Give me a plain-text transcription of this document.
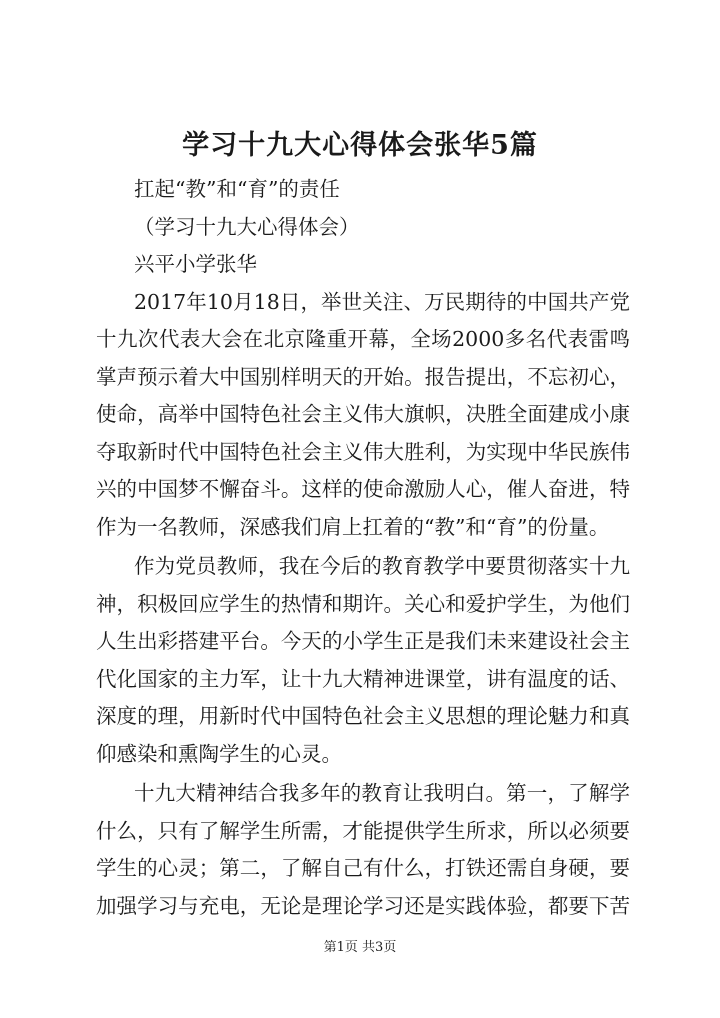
学习十九大心得体会张华5篇
扛起“教”和“育”的责任
（学习十九大心得体会）
兴平小学张华
2017年10月18日，举世关注、万民期待的中国共产党
十九次代表大会在北京隆重开幕，全场2000多名代表雷鸣
掌声预示着大中国别样明天的开始。报告提出，不忘初心，
使命，高举中国特色社会主义伟大旗帜，决胜全面建成小康
夺取新时代中国特色社会主义伟大胜利，为实现中华民族伟
兴的中国梦不懈奋斗。这样的使命激励人心，催人奋进，特
作为一名教师，深感我们肩上扛着的“教”和“育”的份量。
作为党员教师，我在今后的教育教学中要贯彻落实十九
神，积极回应学生的热情和期许。关心和爱护学生，为他们
人生出彩搭建平台。今天的小学生正是我们未来建设社会主
代化国家的主力军，让十九大精神进课堂，讲有温度的话、
深度的理，用新时代中国特色社会主义思想的理论魅力和真
仰感染和熏陶学生的心灵。
十九大精神结合我多年的教育让我明白。第一，了解学
什么，只有了解学生所需，才能提供学生所求，所以必须要
学生的心灵；第二，了解自己有什么，打铁还需自身硬，要
加强学习与充电，无论是理论学习还是实践体验，都要下苦
第1页 共3页
